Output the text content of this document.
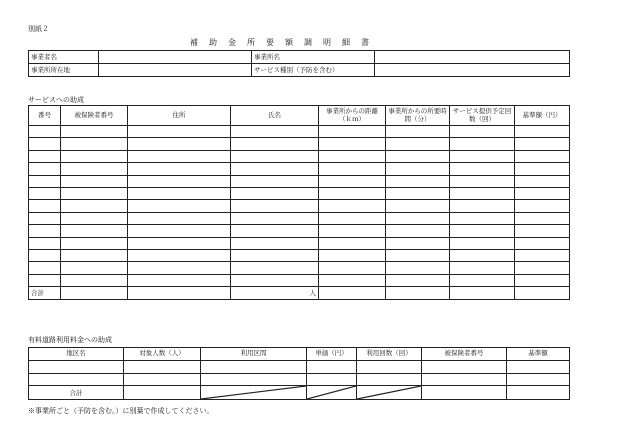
別紙２
補助金所要額調明細書
事業者名		事業所名	
事業所所在地		サービス種別（予防を含む）	
サービスへの助成
番号	被保険者番号	住所	氏名	事業所からの距離（ｋｍ）	事業所からの所要時間（分）	サービス提供予定回数（回）	基準額（円）

合計			人				
有料道路利用料金への助成
地区名	対象人数（人）	利用区間	単価（円）	利用回数（回）	被保険者番号	基準額

合計		

※事業所ごと（予防を含む。）に別葉で作成してください。
